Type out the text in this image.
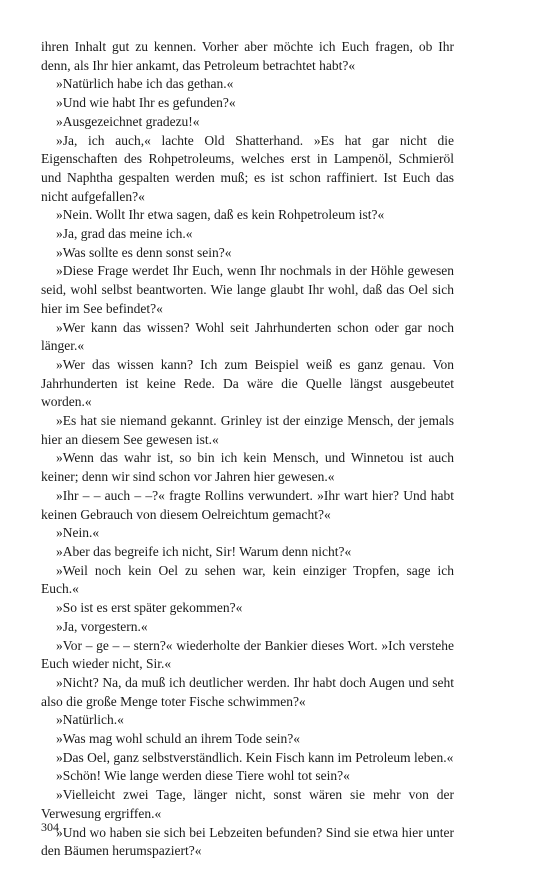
ihren Inhalt gut zu kennen. Vorher aber möchte ich Euch fragen, ob Ihr denn, als Ihr hier ankamt, das Petroleum betrachtet habt?«

»Natürlich habe ich das gethan.«

»Und wie habt Ihr es gefunden?«

»Ausgezeichnet gradezu!«

»Ja, ich auch,« lachte Old Shatterhand. »Es hat gar nicht die Eigenschaften des Rohpetroleums, welches erst in Lampenöl, Schmieröl und Naphtha gespalten werden muß; es ist schon raffiniert. Ist Euch das nicht aufgefallen?«

»Nein. Wollt Ihr etwa sagen, daß es kein Rohpetroleum ist?«

»Ja, grad das meine ich.«

»Was sollte es denn sonst sein?«

»Diese Frage werdet Ihr Euch, wenn Ihr nochmals in der Höhle gewesen seid, wohl selbst beantworten. Wie lange glaubt Ihr wohl, daß das Oel sich hier im See befindet?«

»Wer kann das wissen? Wohl seit Jahrhunderten schon oder gar noch länger.«

»Wer das wissen kann? Ich zum Beispiel weiß es ganz genau. Von Jahrhunderten ist keine Rede. Da wäre die Quelle längst ausgebeutet worden.«

»Es hat sie niemand gekannt. Grinley ist der einzige Mensch, der jemals hier an diesem See gewesen ist.«

»Wenn das wahr ist, so bin ich kein Mensch, und Winnetou ist auch keiner; denn wir sind schon vor Jahren hier gewesen.«

»Ihr – – auch – –?« fragte Rollins verwundert. »Ihr wart hier? Und habt keinen Gebrauch von diesem Oelreichtum gemacht?«

»Nein.«

»Aber das begreife ich nicht, Sir! Warum denn nicht?«

»Weil noch kein Oel zu sehen war, kein einziger Tropfen, sage ich Euch.«

»So ist es erst später gekommen?«

»Ja, vorgestern.«

»Vor – ge – – stern?« wiederholte der Bankier dieses Wort. »Ich verstehe Euch wieder nicht, Sir.«

»Nicht? Na, da muß ich deutlicher werden. Ihr habt doch Augen und seht also die große Menge toter Fische schwimmen?«

»Natürlich.«

»Was mag wohl schuld an ihrem Tode sein?«

»Das Oel, ganz selbstverständlich. Kein Fisch kann im Petroleum leben.«

»Schön! Wie lange werden diese Tiere wohl tot sein?«

»Vielleicht zwei Tage, länger nicht, sonst wären sie mehr von der Verwesung ergriffen.«

»Und wo haben sie sich bei Lebzeiten befunden? Sind sie etwa hier unter den Bäumen herumspaziert?«

304
